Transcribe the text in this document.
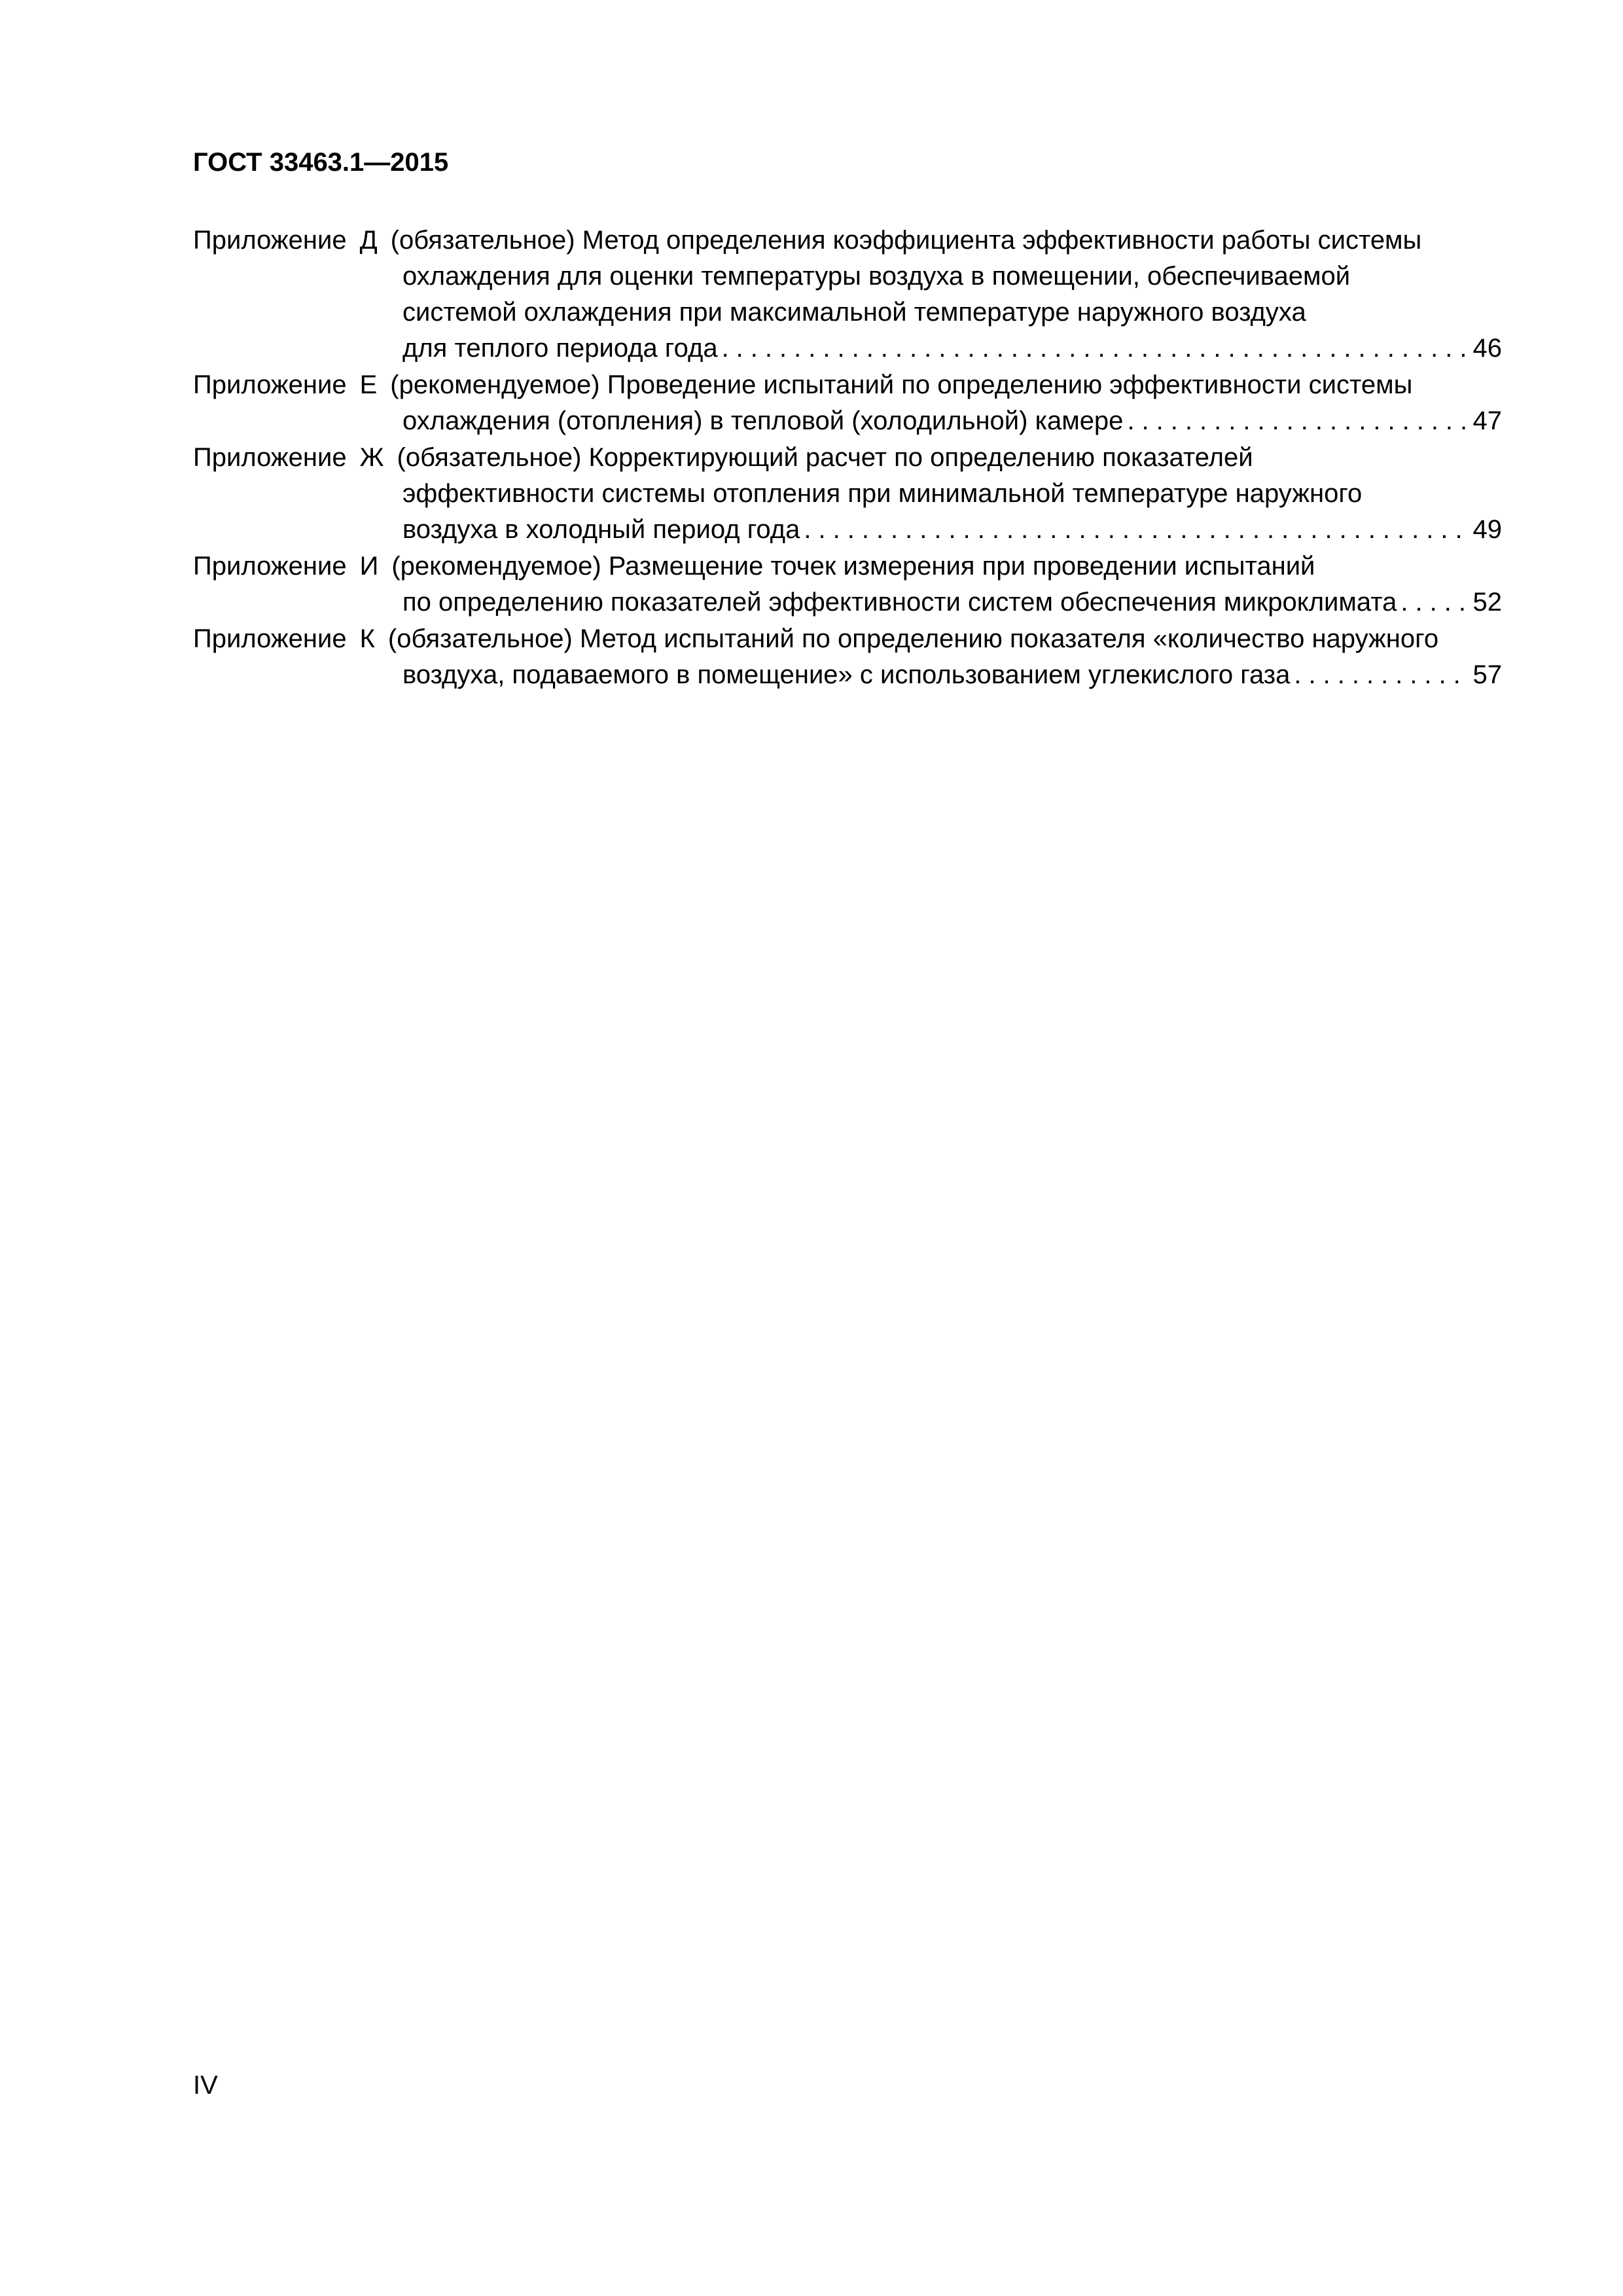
ГОСТ 33463.1—2015
Приложение Д (обязательное) Метод определения коэффициента эффективности работы системы
охлаждения для оценки температуры воздуха в помещении, обеспечиваемой
системой охлаждения при максимальной температуре наружного воздуха
для теплого периода года .....	46
Приложение Е (рекомендуемое) Проведение испытаний по определению эффективности системы
охлаждения (отопления) в тепловой (холодильной) камере .....	47
Приложение Ж (обязательное) Корректирующий расчет по определению показателей
эффективности системы отопления при минимальной температуре наружного
воздуха в холодный период года .....	49
Приложение И (рекомендуемое) Размещение точек измерения при проведении испытаний
по определению показателей эффективности систем обеспечения микроклимата .....	52
Приложение К (обязательное) Метод испытаний по определению показателя «количество наружного
воздуха, подаваемого в помещение» с использованием углекислого газа .....	57
IV
